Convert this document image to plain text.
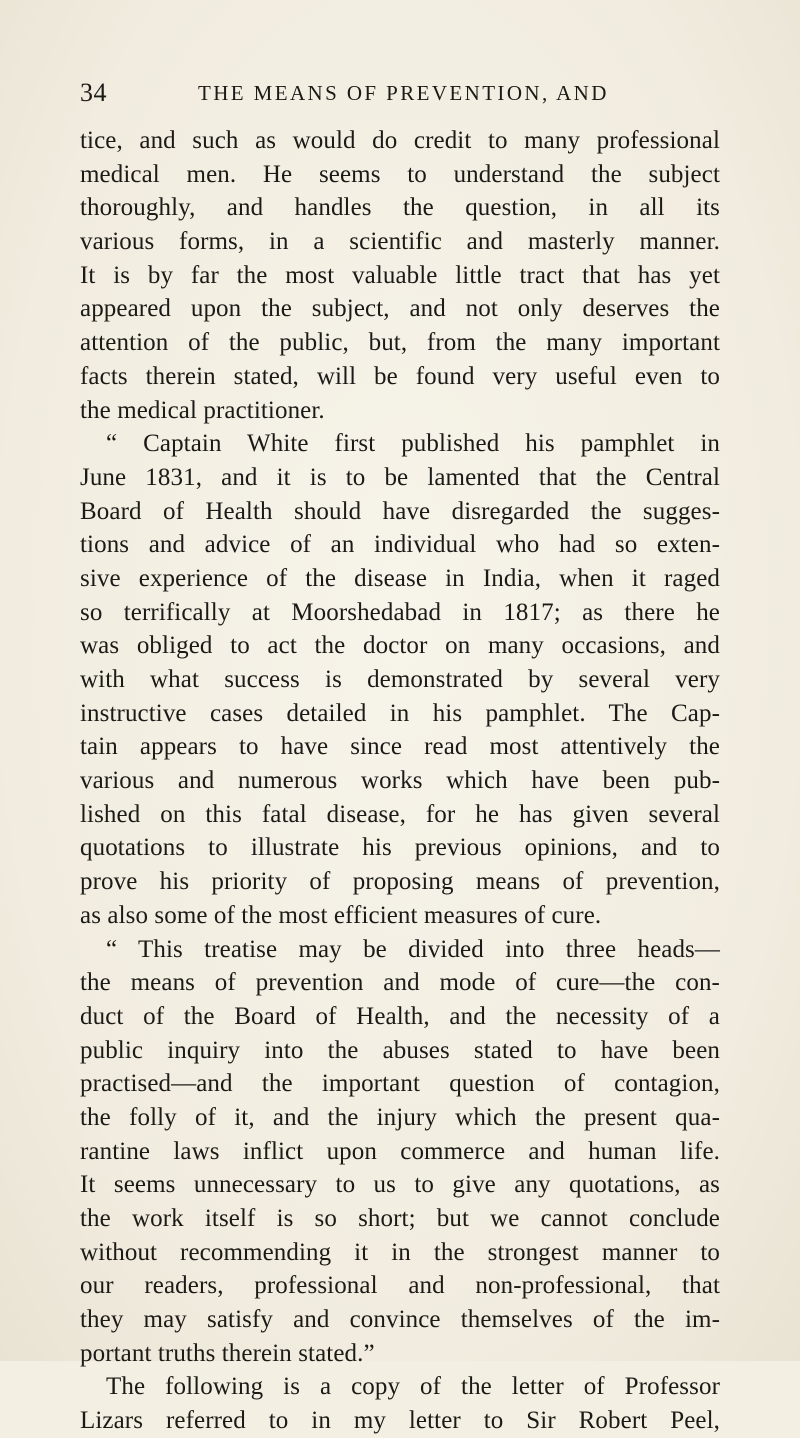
34	THE MEANS OF PREVENTION, AND
tice, and such as would do credit to many professional
medical men. He seems to understand the subject
thoroughly, and handles the question, in all its
various forms, in a scientific and masterly manner.
It is by far the most valuable little tract that has yet
appeared upon the subject, and not only deserves the
attention of the public, but, from the many important
facts therein stated, will be found very useful even to
the medical practitioner.
“ Captain White first published his pamphlet in
June 1831, and it is to be lamented that the Central
Board of Health should have disregarded the sugges-
tions and advice of an individual who had so exten-
sive experience of the disease in India, when it raged
so terrifically at Moorshedabad in 1817; as there he
was obliged to act the doctor on many occasions, and
with what success is demonstrated by several very
instructive cases detailed in his pamphlet. The Cap-
tain appears to have since read most attentively the
various and numerous works which have been pub-
lished on this fatal disease, for he has given several
quotations to illustrate his previous opinions, and to
prove his priority of proposing means of prevention,
as also some of the most efficient measures of cure.
“ This treatise may be divided into three heads—
the means of prevention and mode of cure—the con-
duct of the Board of Health, and the necessity of a
public inquiry into the abuses stated to have been
practised—and the important question of contagion,
the folly of it, and the injury which the present qua-
rantine laws inflict upon commerce and human life.
It seems unnecessary to us to give any quotations, as
the work itself is so short; but we cannot conclude
without recommending it in the strongest manner to
our readers, professional and non-professional, that
they may satisfy and convince themselves of the im-
portant truths therein stated.”
The following is a copy of the letter of Professor
Lizars referred to in my letter to Sir Robert Peel,
